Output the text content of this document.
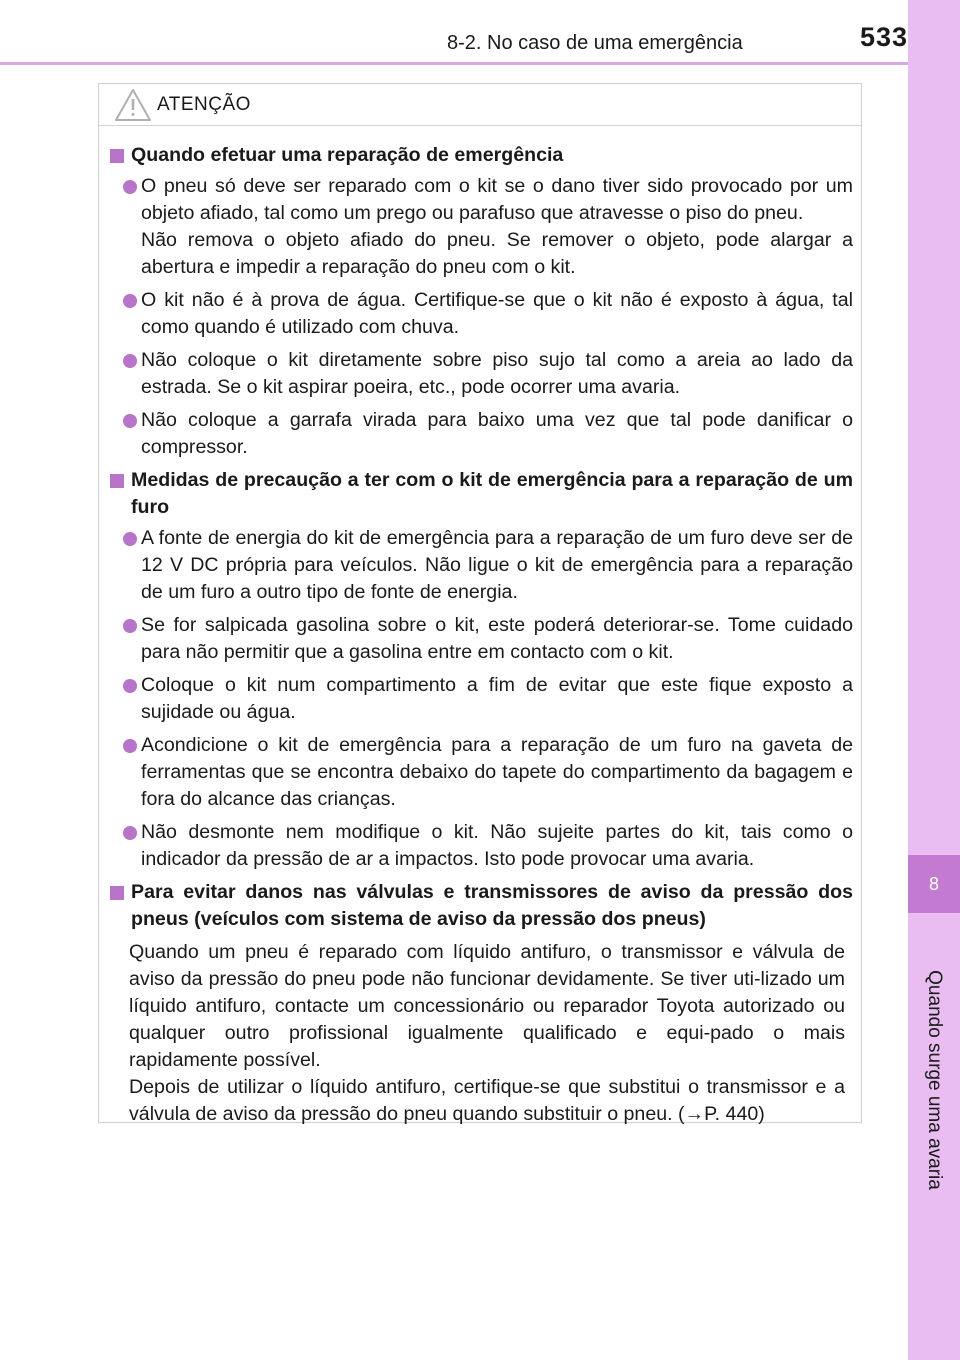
8-2. No caso de uma emergência	533
8
Quando surge uma avaria
ATENÇÃO
Quando efetuar uma reparação de emergência

O pneu só deve ser reparado com o kit se o dano tiver sido provocado por um objeto afiado, tal como um prego ou parafuso que atravesse o piso do pneu.

Não remova o objeto afiado do pneu. Se remover o objeto, pode alargar a abertura e impedir a reparação do pneu com o kit.

O kit não é à prova de água. Certifique-se que o kit não é exposto à água, tal como quando é utilizado com chuva.

Não coloque o kit diretamente sobre piso sujo tal como a areia ao lado da estrada. Se o kit aspirar poeira, etc., pode ocorrer uma avaria.

Não coloque a garrafa virada para baixo uma vez que tal pode danificar o compressor.

Medidas de precaução a ter com o kit de emergência para a reparação de um furo

A fonte de energia do kit de emergência para a reparação de um furo deve ser de 12 V DC própria para veículos. Não ligue o kit de emergência para a reparação de um furo a outro tipo de fonte de energia.

Se for salpicada gasolina sobre o kit, este poderá deteriorar-se. Tome cuidado para não permitir que a gasolina entre em contacto com o kit.

Coloque o kit num compartimento a fim de evitar que este fique exposto a sujidade ou água.

Acondicione o kit de emergência para a reparação de um furo na gaveta de ferramentas que se encontra debaixo do tapete do compartimento da bagagem e fora do alcance das crianças.

Não desmonte nem modifique o kit. Não sujeite partes do kit, tais como o indicador da pressão de ar a impactos. Isto pode provocar uma avaria.

Para evitar danos nas válvulas e transmissores de aviso da pressão dos pneus (veículos com sistema de aviso da pressão dos pneus)

Quando um pneu é reparado com líquido antifuro, o transmissor e válvula de aviso da pressão do pneu pode não funcionar devidamente. Se tiver uti-lizado um líquido antifuro, contacte um concessionário ou reparador Toyota autorizado ou qualquer outro profissional igualmente qualificado e equi-pado o mais rapidamente possível.

Depois de utilizar o líquido antifuro, certifique-se que substitui o transmissor e a válvula de aviso da pressão do pneu quando substituir o pneu. (→P. 440)
